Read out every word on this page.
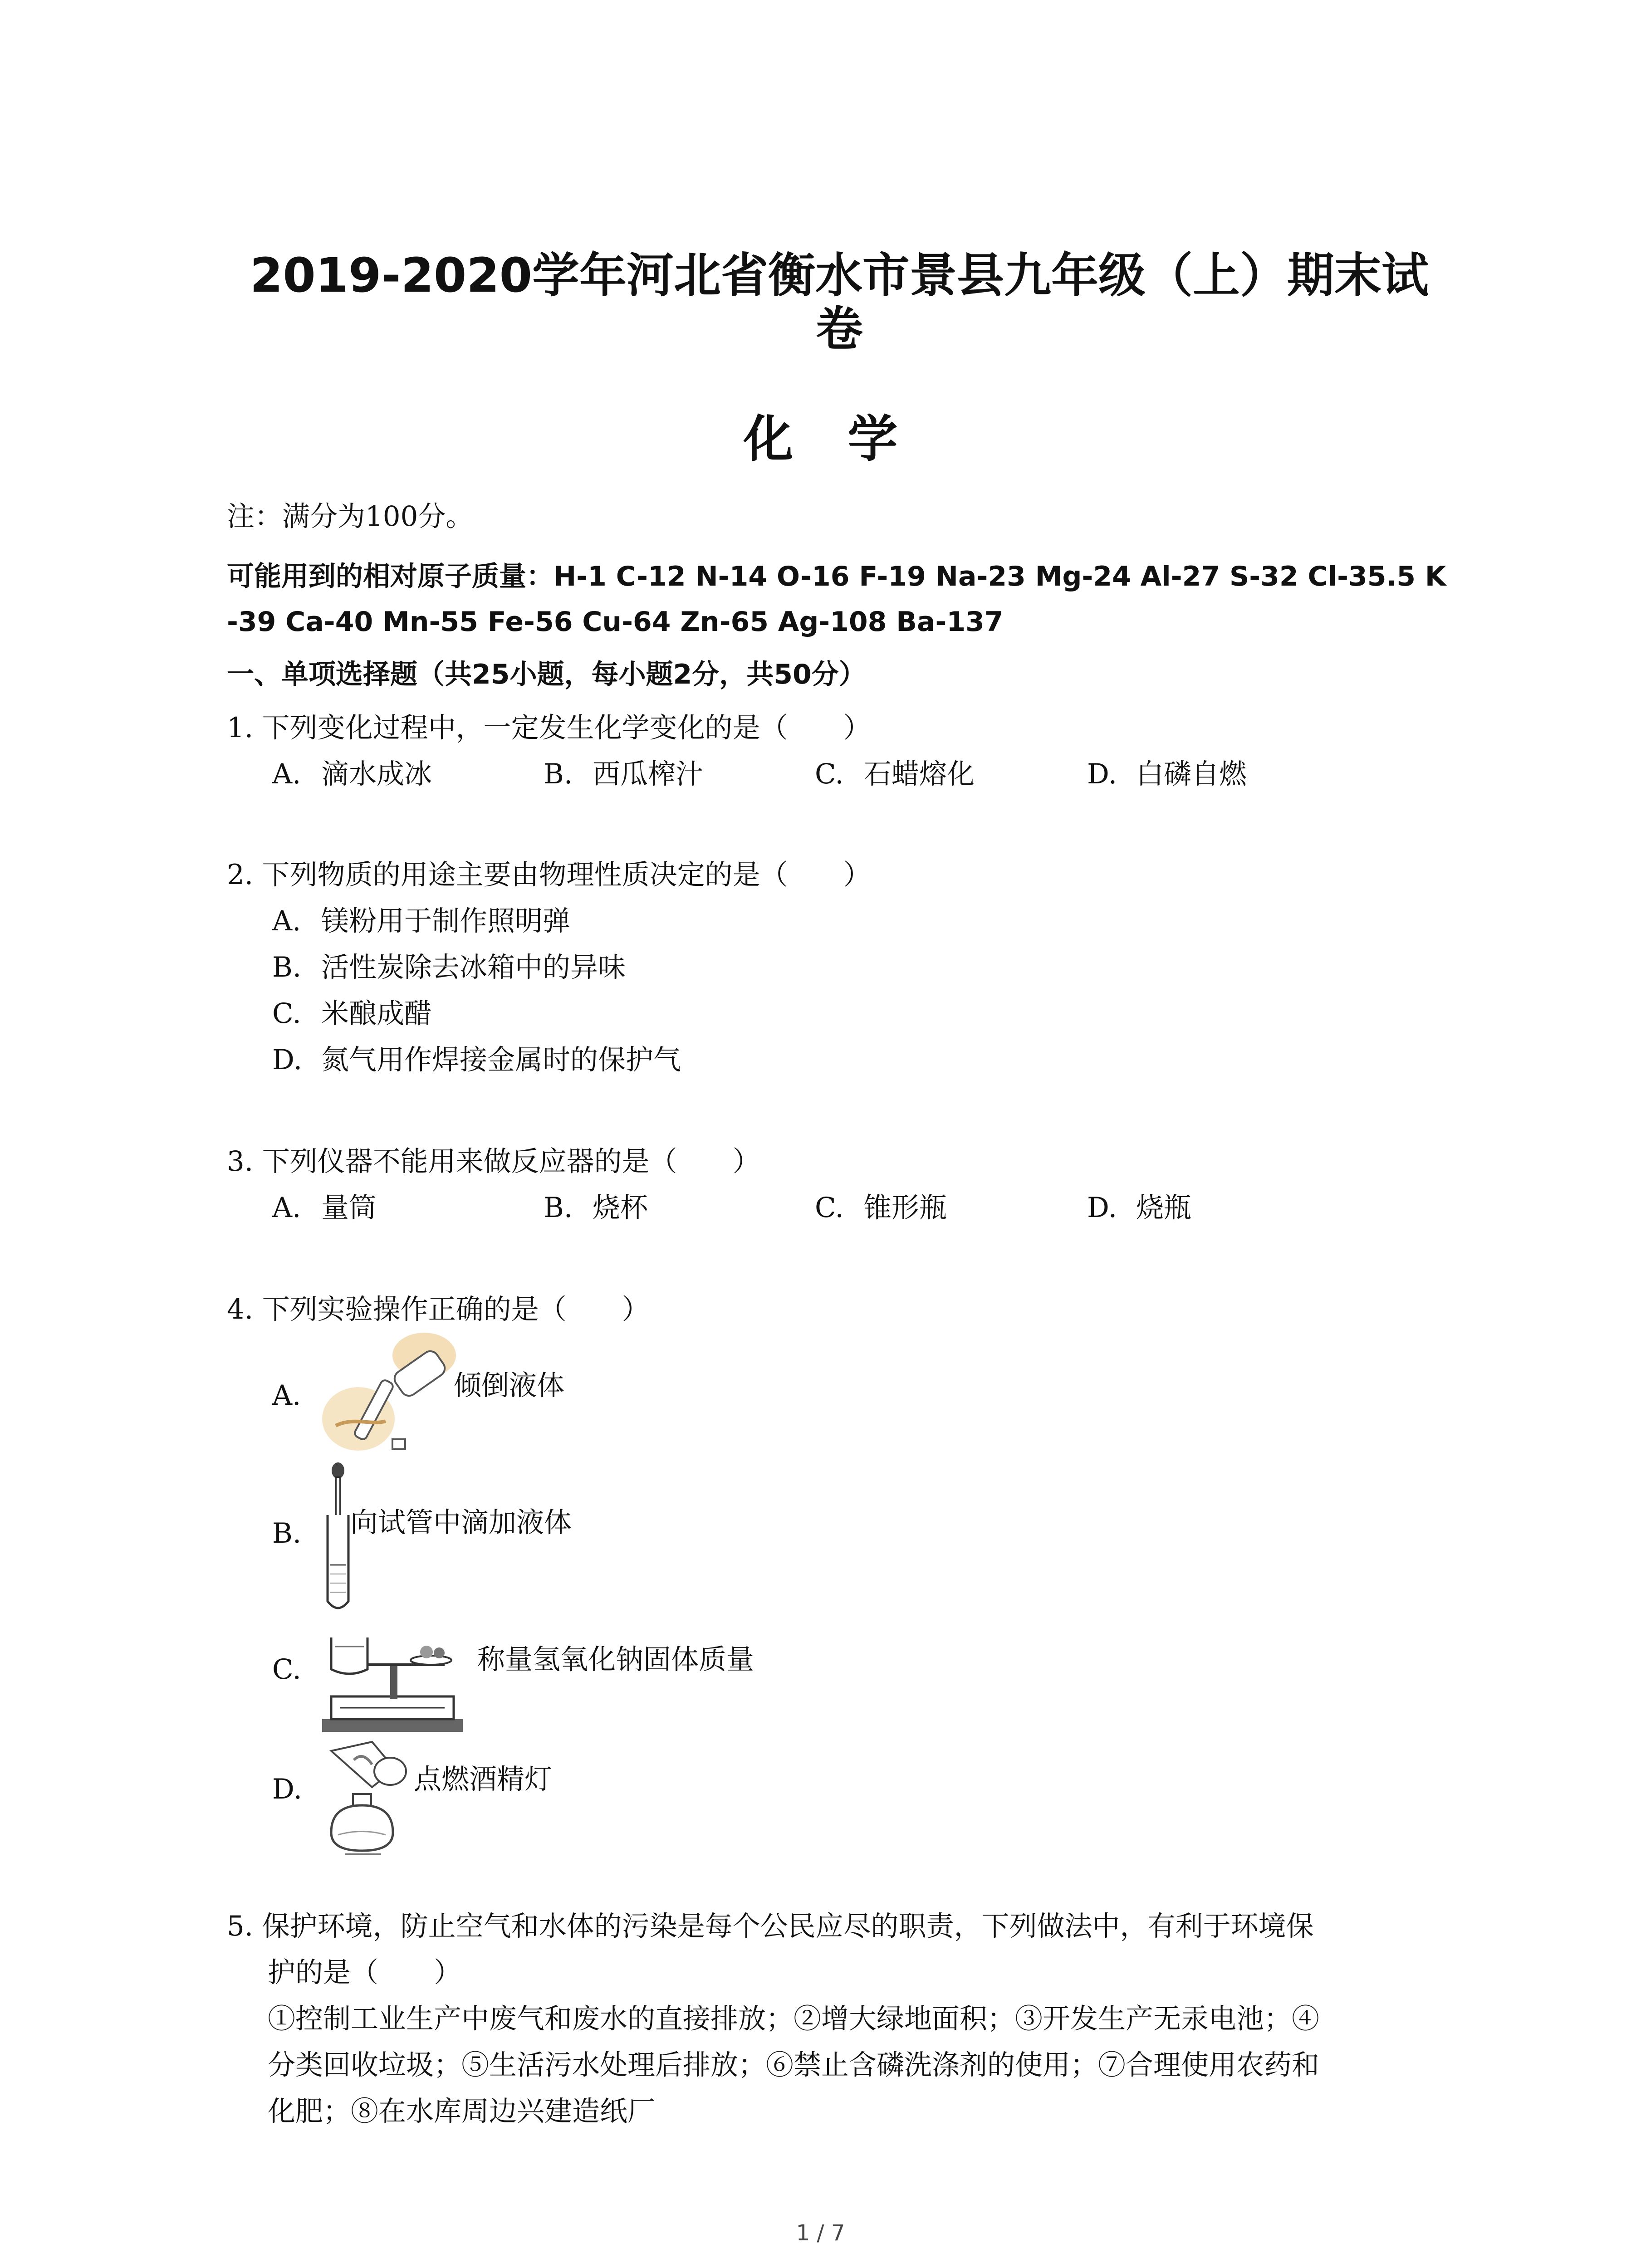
2019-2020学年河北省衡水市景县九年级（上）期末试
卷
化学
注：满分为100分。
可能用到的相对原子质量：H-1 C-12 N-14 O-16 F-19 Na-23 Mg-24 Al-27 S-32 Cl-35.5 K
-39 Ca-40 Mn-55 Fe-56 Cu-64 Zn-65 Ag-108 Ba-137
一、单项选择题（共25小题，每小题2分，共50分）
1. 下列变化过程中，一定发生化学变化的是（　　）
A. 滴水成冰	B. 西瓜榨汁	C. 石蜡熔化	D. 白磷自燃
2. 下列物质的用途主要由物理性质决定的是（　　）
A. 镁粉用于制作照明弹
B. 活性炭除去冰箱中的异味
C. 米酿成醋
D. 氮气用作焊接金属时的保护气
3. 下列仪器不能用来做反应器的是（　　）
A. 量筒	B. 烧杯	C. 锥形瓶	D. 烧瓶
4. 下列实验操作正确的是（　　）
A.	倾倒液体
B. 向试管中滴加液体
C.	称量氢氧化钠固体质量
D.	点燃酒精灯
5. 保护环境，防止空气和水体的污染是每个公民应尽的职责，下列做法中，有利于环境保
护的是（　　）
①控制工业生产中废气和废水的直接排放；②增大绿地面积；③开发生产无汞电池；④
分类回收垃圾；⑤生活污水处理后排放；⑥禁止含磷洗涤剂的使用；⑦合理使用农药和
化肥；⑧在水库周边兴建造纸厂
1 / 7
